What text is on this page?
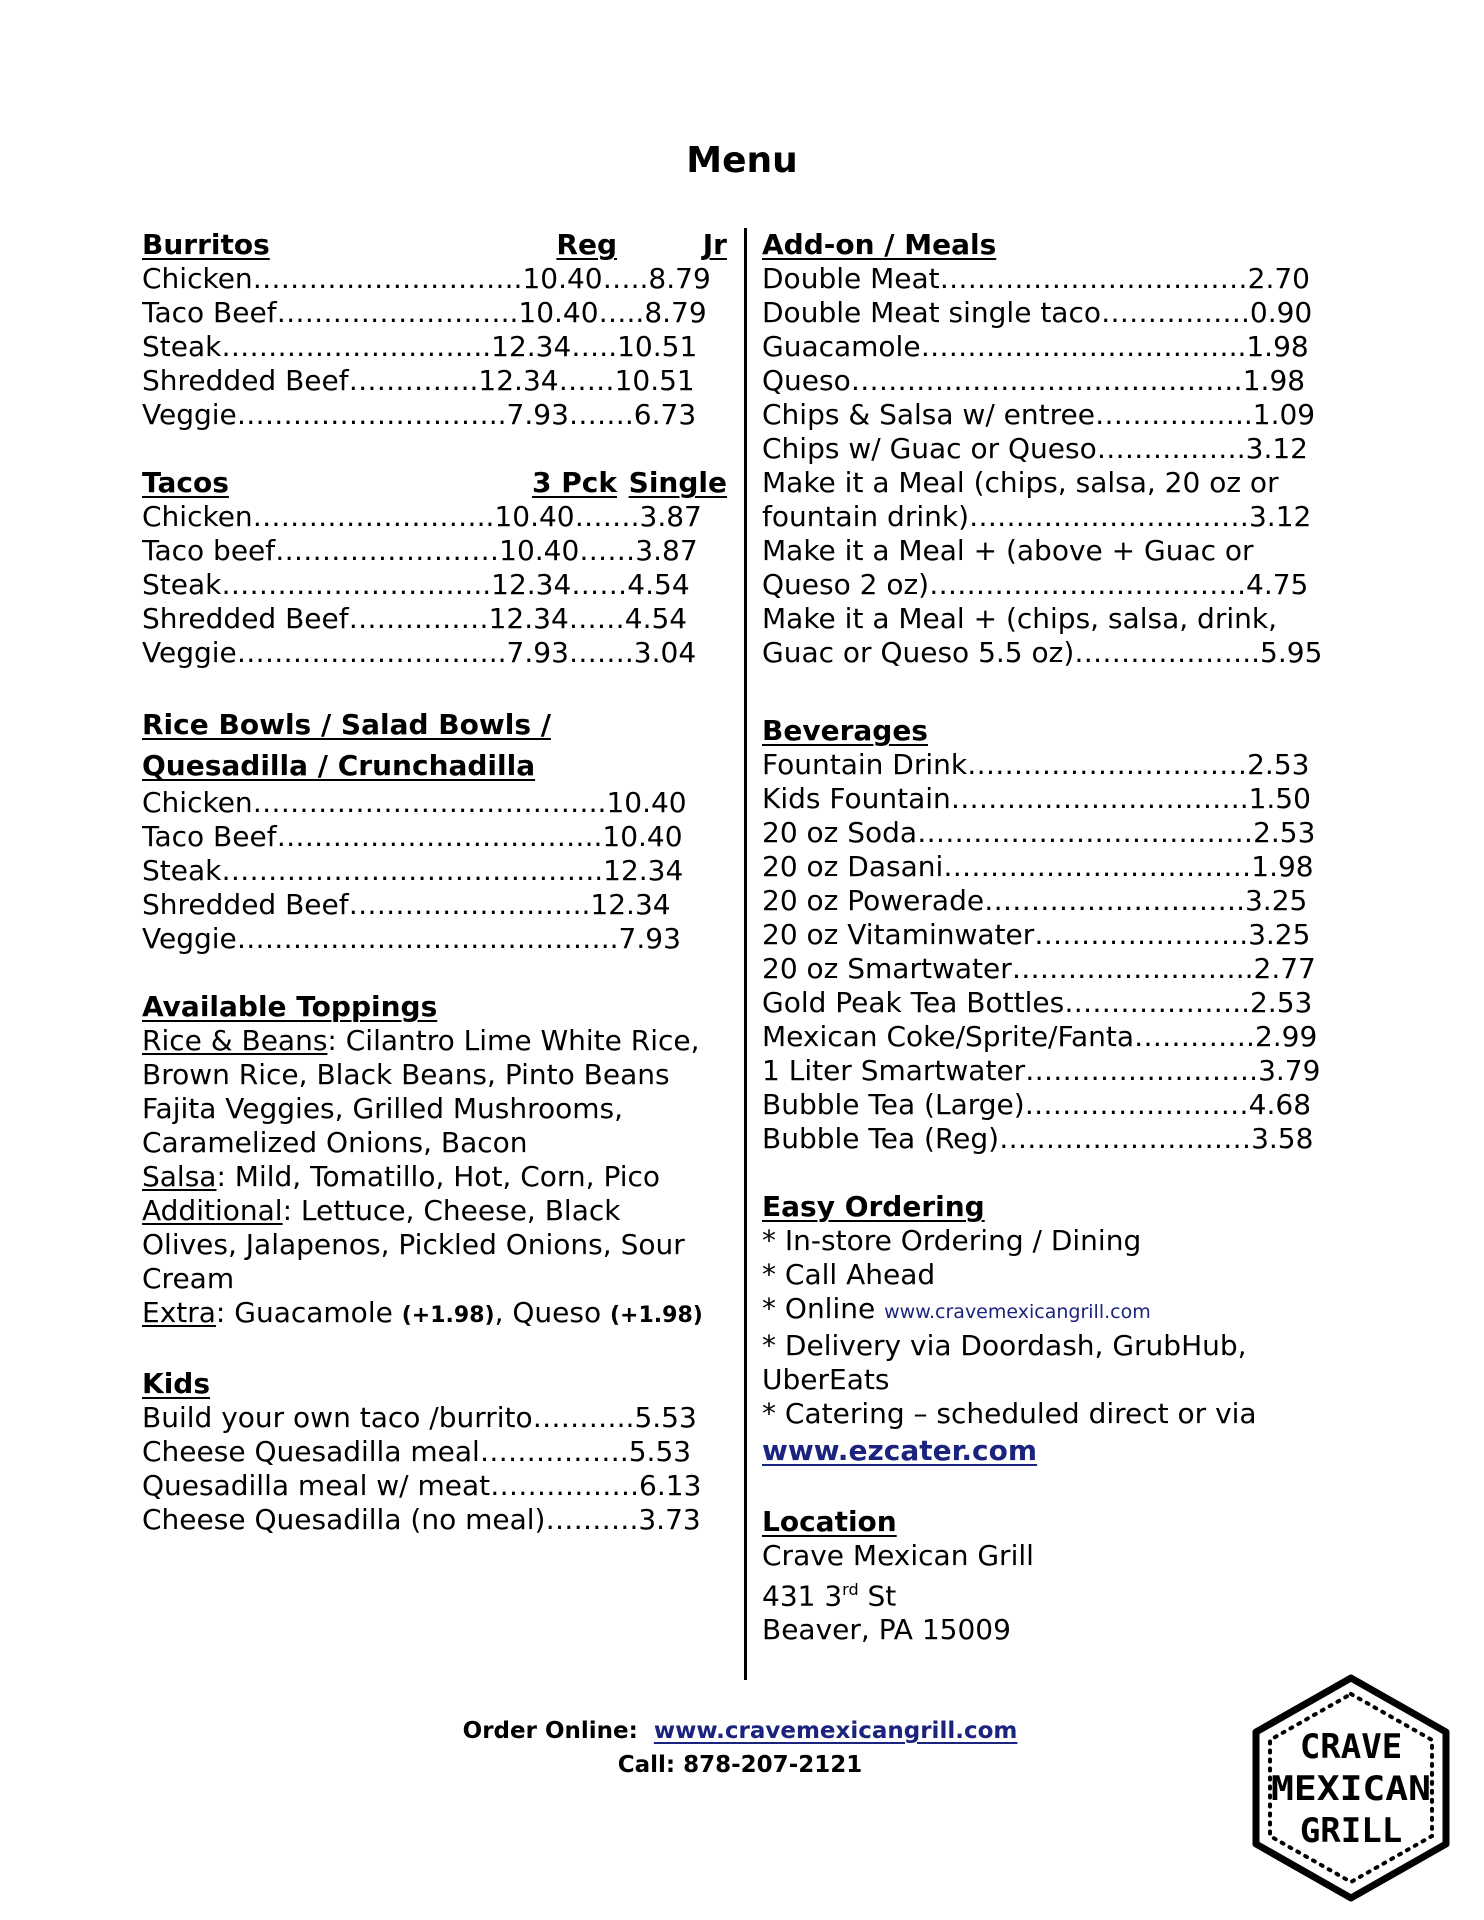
Menu
Burritos	Reg	Jr
Chicken………………………..10.40…..8.79
Taco Beef……………………..10.40…..8.79
Steak………………………..12.34…..10.51
Shredded Beef…………..12.34……10.51
Veggie………………………..7.93…….6.73
Tacos	3 Pck Single
Chicken……………………..10.40…….3.87
Taco beef……………………10.40……3.87
Steak………………………..12.34……4.54
Shredded Beef……………12.34……4.54
Veggie………………………..7.93…….3.04
Rice Bowls / Salad Bowls /
Quesadilla / Crunchadilla
Chicken………………………………..10.40
Taco Beef……………………………..10.40
Steak…………………………………..12.34
Shredded Beef……………………..12.34
Veggie…………………………………..7.93
Available Toppings
Rice & Beans: Cilantro Lime White Rice,
Brown Rice, Black Beans, Pinto Beans
Fajita Veggies, Grilled Mushrooms,
Caramelized Onions, Bacon
Salsa: Mild, Tomatillo, Hot, Corn, Pico
Additional: Lettuce, Cheese, Black
Olives, Jalapenos, Pickled Onions, Sour
Cream
Extra: Guacamole (+1.98), Queso (+1.98)
Kids
Build your own taco /burrito………..5.53
Cheese Quesadilla meal…………….5.53
Quesadilla meal w/ meat…………….6.13
Cheese Quesadilla (no meal)……….3.73
Add-on / Meals
Double Meat……………………………2.70
Double Meat single taco…………….0.90
Guacamole……………………………..1.98
Queso……………………………………1.98
Chips & Salsa w/ entree……………..1.09
Chips w/ Guac or Queso…………….3.12
Make it a Meal (chips, salsa, 20 oz or
fountain drink)…………………………3.12
Make it a Meal + (above + Guac or
Queso 2 oz)…………………………….4.75
Make it a Meal + (chips, salsa, drink,
Guac or Queso 5.5 oz)………………..5.95
Beverages
Fountain Drink…………………………2.53
Kids Fountain…………………………..1.50
20 oz Soda………………………………2.53
20 oz Dasani……………………………1.98
20 oz Powerade……………………….3.25
20 oz Vitaminwater…………………..3.25
20 oz Smartwater……………………..2.77
Gold Peak Tea Bottles………………..2.53
Mexican Coke/Sprite/Fanta………….2.99
1 Liter Smartwater…………………….3.79
Bubble Tea (Large)……………………4.68
Bubble Tea (Reg)………………………3.58
Easy Ordering
* In-store Ordering / Dining
* Call Ahead
* Online www.cravemexicangrill.com
* Delivery via Doordash, GrubHub,
UberEats
* Catering – scheduled direct or via
www.ezcater.com
Location
Crave Mexican Grill
431 3rd St
Beaver, PA 15009
Order Online: www.cravemexicangrill.com
Call: 878-207-2121	CRAVE
MEXICAN
GRILL
